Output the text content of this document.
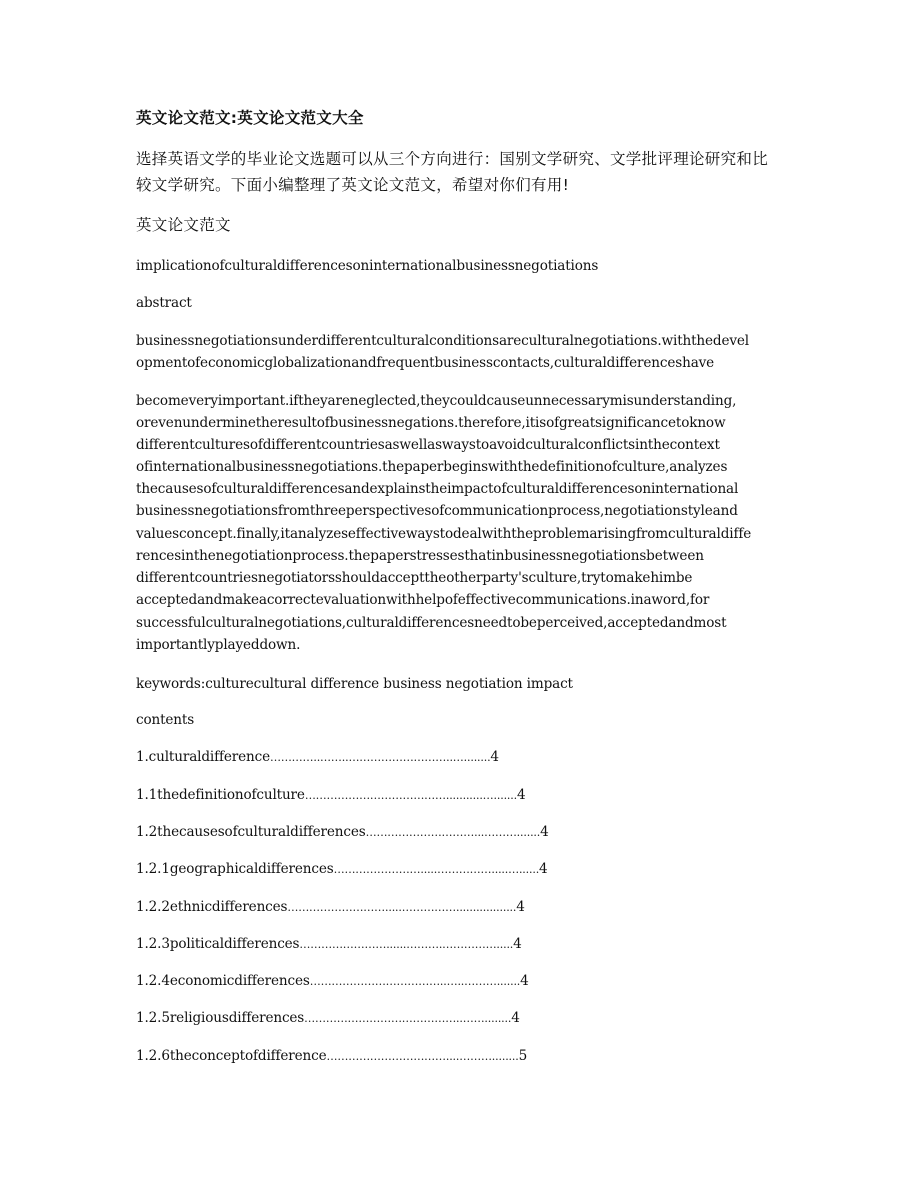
英文论文范文:英文论文范文大全
选择英语文学的毕业论文选题可以从三个方向进行：国别文学研究、文学批评理论研究和比
较文学研究。下面小编整理了英文论文范文，希望对你们有用!
英文论文范文
implicationofculturaldifferencesoninternationalbusinessnegotiations
abstract
businessnegotiationsunderdifferentculturalconditionsareculturalnegotiations.withthedevel
opmentofeconomicglobalizationandfrequentbusinesscontacts,culturaldifferenceshave
becomeveryimportant.iftheyareneglected,theycouldcauseunnecessarymisunderstanding,
orevenunderminetheresultofbusinessnegations.therefore,itisofgreatsignificancetoknow
differentculturesofdifferentcountriesaswellaswaystoavoidculturalconflictsinthecontext
ofinternationalbusinessnegotiations.thepaperbeginswiththedefinitionofculture,analyzes
thecausesofculturaldifferencesandexplainstheimpactofculturaldifferencesoninternational
businessnegotiationsfromthreeperspectivesofcommunicationprocess,negotiationstyleand
valuesconcept.finally,itanalyzeseffectivewaystodealwiththeproblemarisingfromculturaldiffe
rencesinthenegotiationprocess.thepaperstressesthatinbusinessnegotiationsbetween
differentcountriesnegotiatorsshouldaccepttheotherparty'sculture,trytomakehimbe
acceptedandmakeacorrectevaluationwithhelpofeffectivecommunications.inaword,for
successfulculturalnegotiations,culturaldifferencesneedtobeperceived,acceptedandmost
importantlyplayeddown.
keywords:culturecultural difference business negotiation impact
contents
1.culturaldifference…………..……..………………………..…........4
1.1thedefinitionofculture…………………………………...........….......4
1.2thecausesofculturaldifferences…………………………...……….......4
1.2.1geographicaldifferences…………………….....…………….....…......4
1.2.2ethnicdifferences……………………….....……………..................4
1.2.3politicaldifferences……………………......……….…………….....4
1.2.4economicdifferences………………………………..…..……….......4
1.2.5religiousdifferences……………………………………..……........4
1.2.6theconceptofdifference……………………………....………........5
